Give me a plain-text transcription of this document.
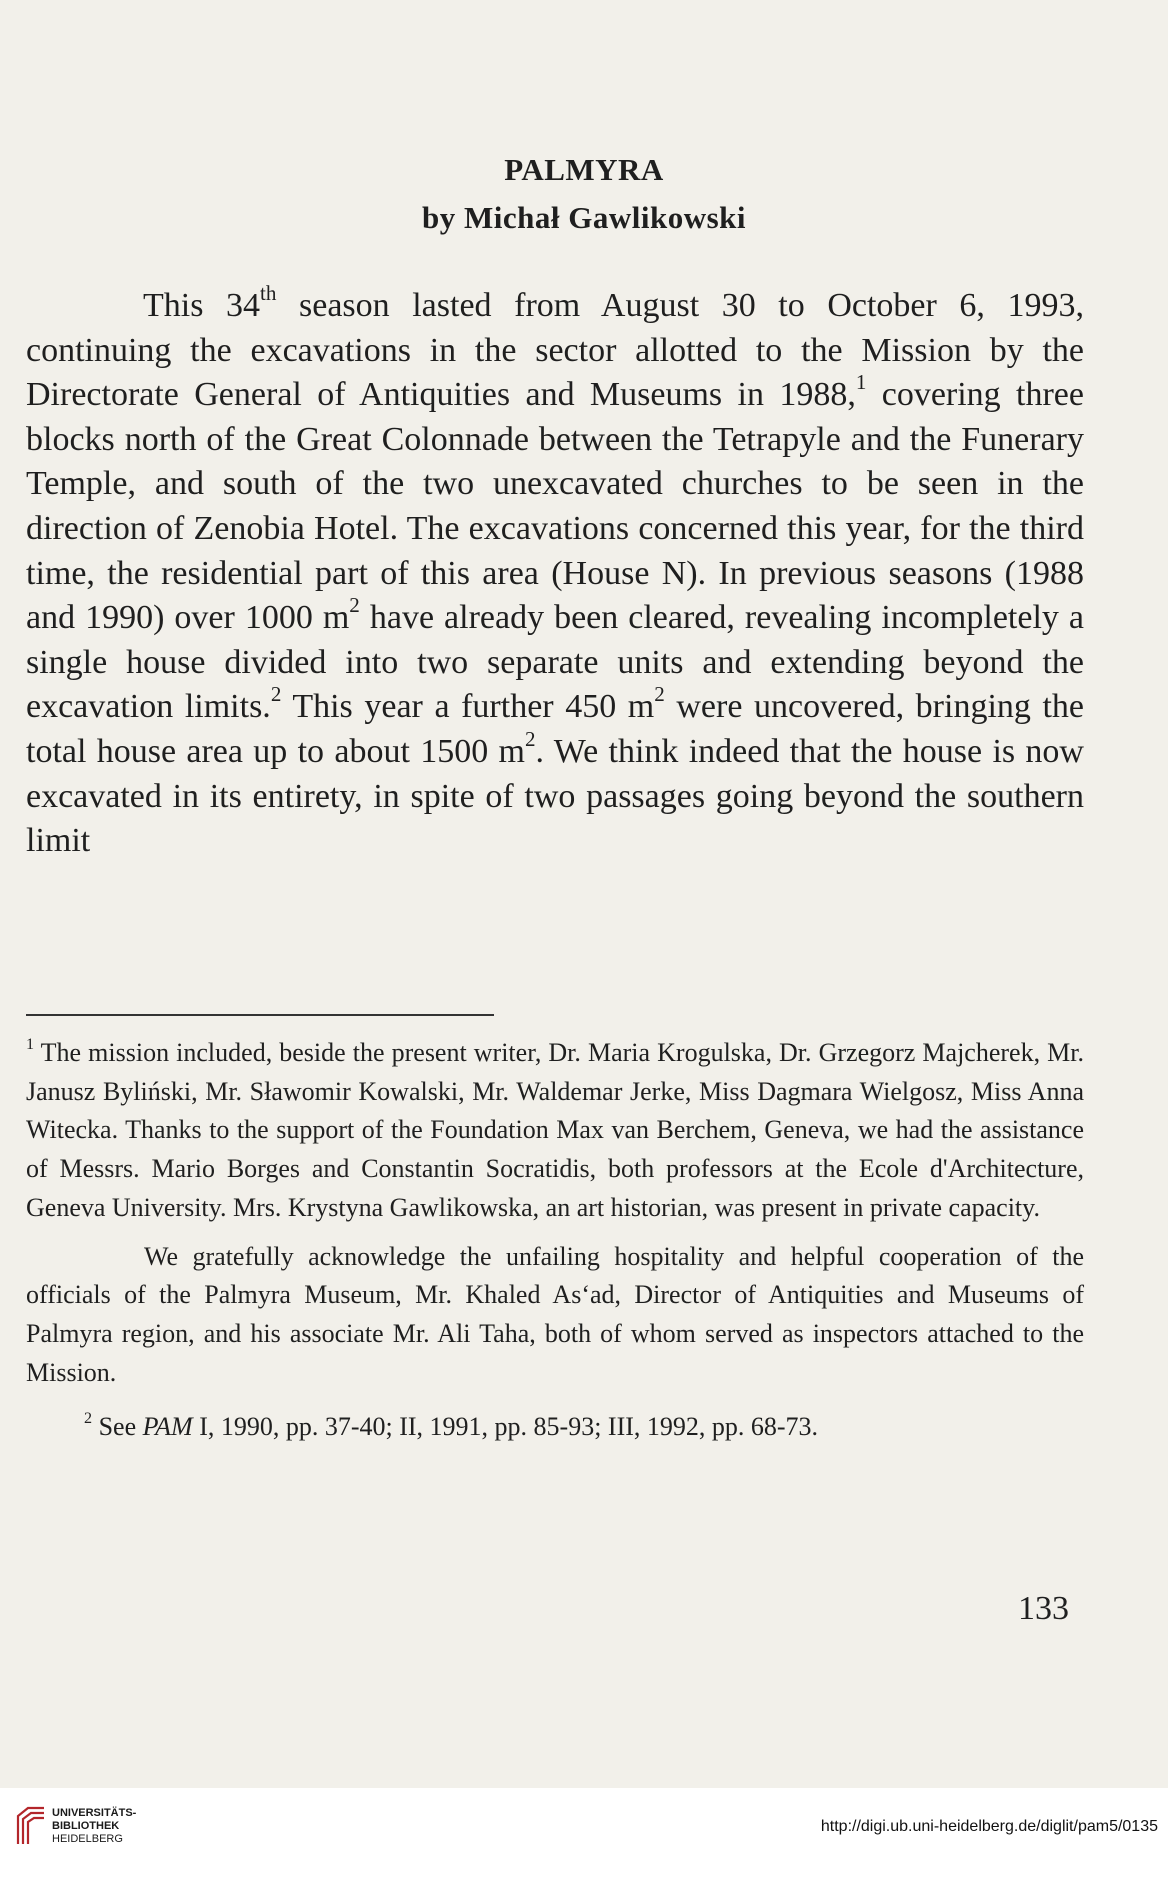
PALMYRA
by Michał Gawlikowski

This 34th season lasted from August 30 to October 6, 1993, continuing the excavations in the sector allotted to the Mission by the Directorate General of Antiquities and Museums in 1988,$^1$ covering three blocks north of the Great Colonnade between the Tetrapyle and the Funerary Temple, and south of the two unexcavated churches to be seen in the direction of Zenobia Hotel. The excavations concerned this year, for the third time, the residential part of this area (House N). In previous seasons (1988 and 1990) over 1000 $m^2$ have already been cleared, revealing incompletely a single house divided into two separate units and extending beyond the excavation limits.$^2$ This year a further 450 $m^2$ were uncovered, bringing the total house area up to about 1500 $m^2$. We think indeed that the house is now excavated in its entirety, in spite of two passages going beyond the southern limit

$^1$ The mission included, beside the present writer, Dr. Maria Krogulska, Dr. Grzegorz Majcherek, Mr. Janusz Byliński, Mr. Sławomir Kowalski, Mr. Waldemar Jerke, Miss Dagmara Wielgosz, Miss Anna Witecka. Thanks to the support of the Foundation Max van Berchem, Geneva, we had the assistance of Messrs. Mario Borges and Constantin Socratidis, both professors at the Ecole d'Architecture, Geneva University. Mrs. Krystyna Gawlikowska, an art historian, was present in private capacity.

We gratefully acknowledge the unfailing hospitality and helpful cooperation of the officials of the Palmyra Museum, Mr. Khaled As‘ad, Director of Antiquities and Museums of Palmyra region, and his associate Mr. Ali Taha, both of whom served as inspectors attached to the Mission.

$^2$ See PAM I, 1990, pp. 37-40; II, 1991, pp. 85-93; III, 1992, pp. 68-73.

133
UNIVERSITÄTS-
BIBLIOTHEK
HEIDELBERG
http://digi.ub.uni-heidelberg.de/diglit/pam5/0135
